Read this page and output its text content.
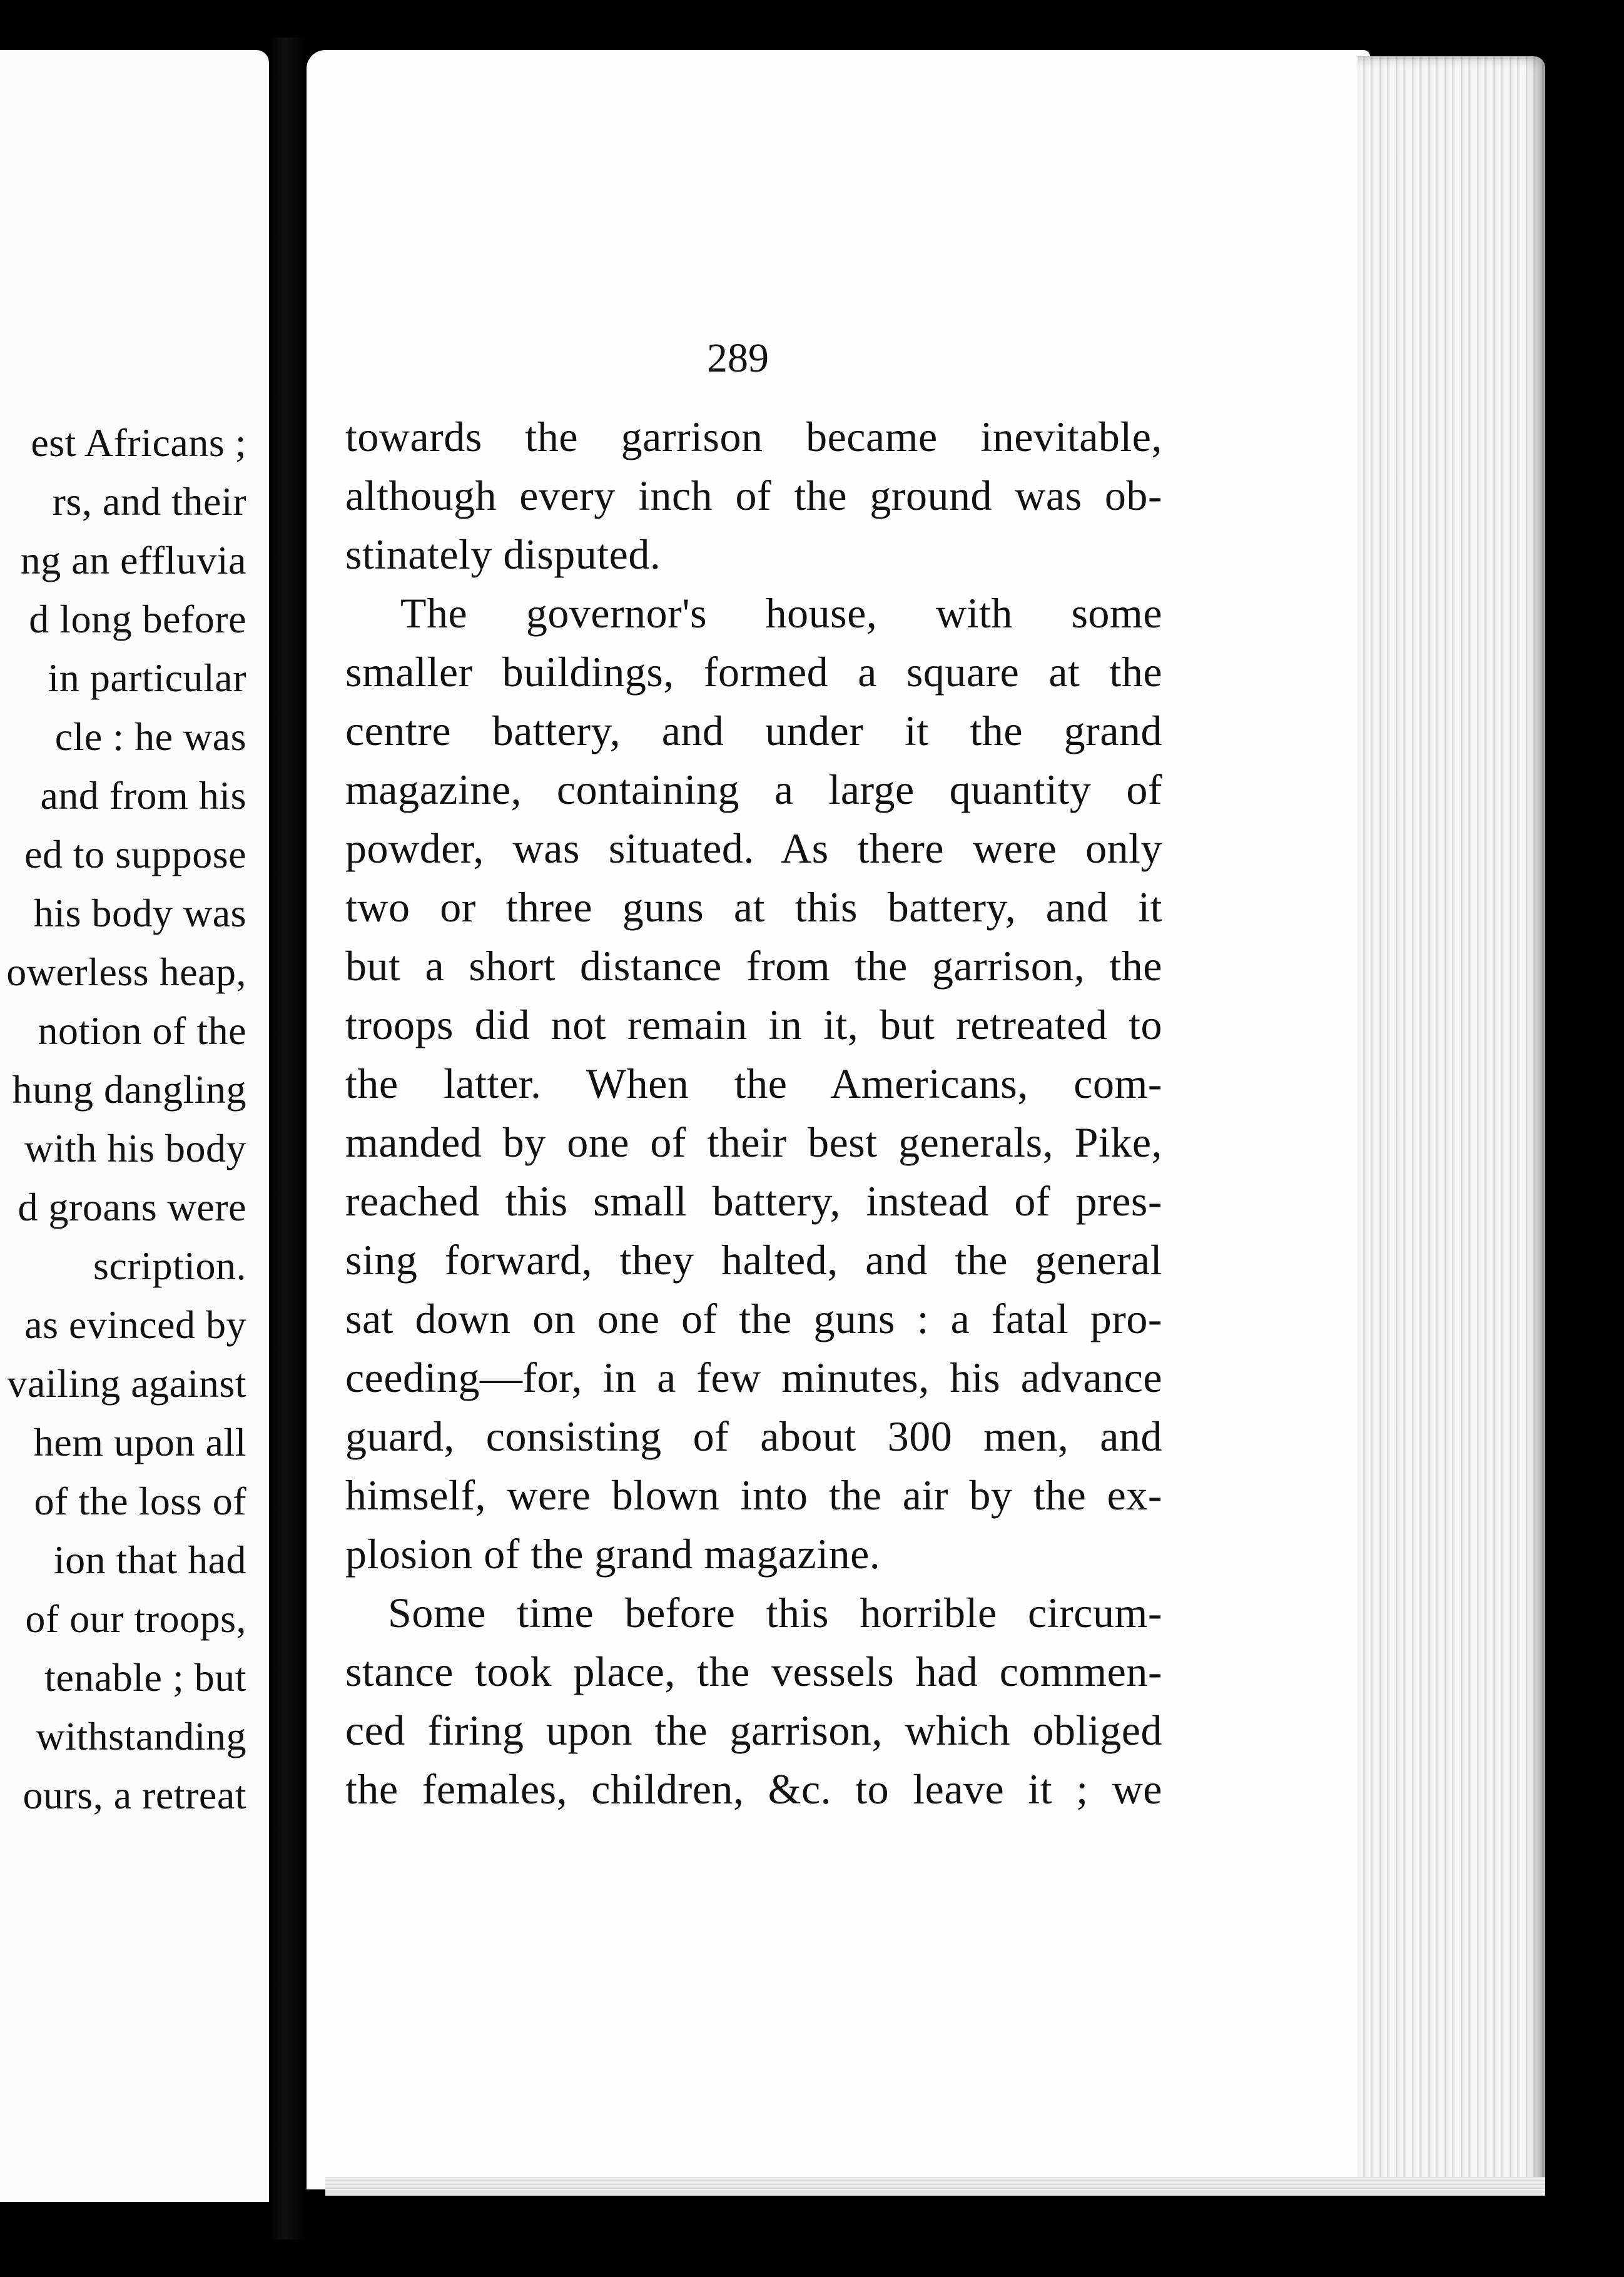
est Africans ;
rs, and their
ng an effluvia
d long before
in particular
cle : he was
and from his
ed to suppose
his body was
owerless heap,
notion of the
hung dangling
with his body
d groans were
scription.
as evinced by
vailing against
hem upon all
of the loss of
ion that had
of our troops,
tenable ; but
withstanding
ours, a retreat
289
towards the garrison became inevitable,
although every inch of the ground was ob-
stinately disputed.
The governor's house, with some
smaller buildings, formed a square at the
centre battery, and under it the grand
magazine, containing a large quantity of
powder, was situated. As there were only
two or three guns at this battery, and it
but a short distance from the garrison, the
troops did not remain in it, but retreated to
the latter. When the Americans, com-
manded by one of their best generals, Pike,
reached this small battery, instead of pres-
sing forward, they halted, and the general
sat down on one of the guns : a fatal pro-
ceeding—for, in a few minutes, his advance
guard, consisting of about 300 men, and
himself, were blown into the air by the ex-
plosion of the grand magazine.
Some time before this horrible circum-
stance took place, the vessels had commen-
ced firing upon the garrison, which obliged
the females, children, &c. to leave it ; we
